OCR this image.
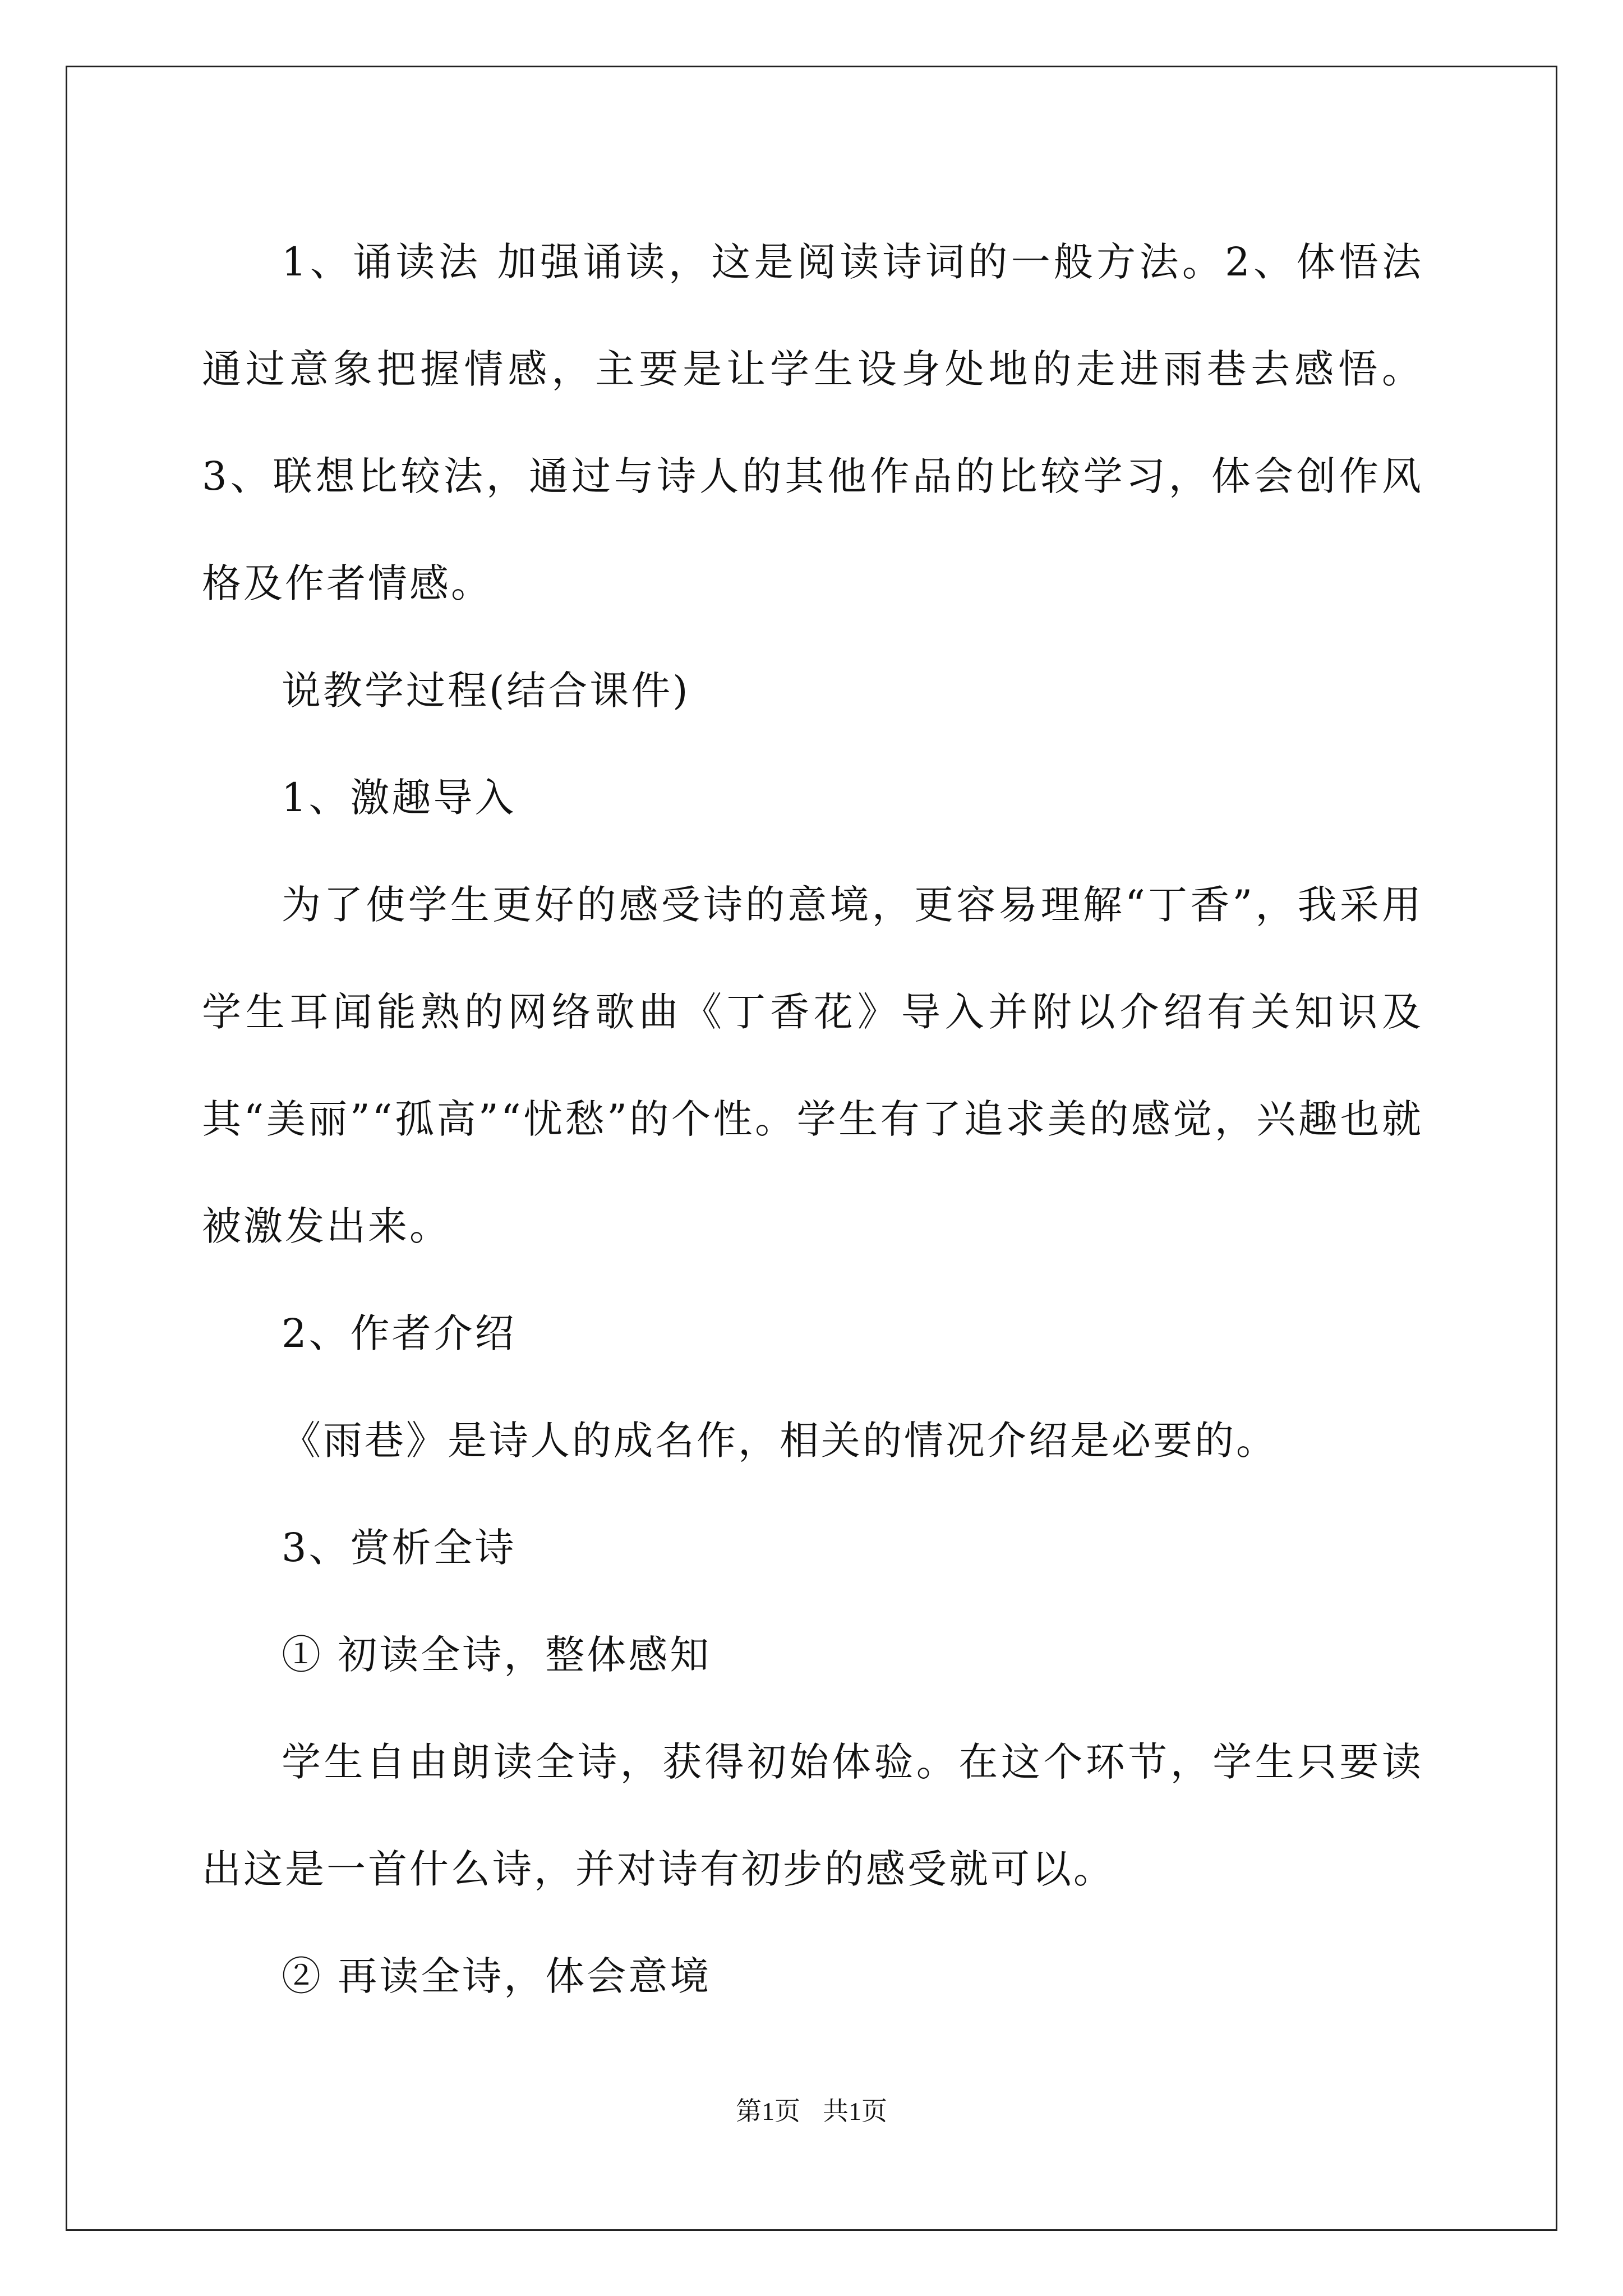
1、诵读法 加强诵读，这是阅读诗词的一般方法。2、体悟法 通过意象把握情感，主要是让学生设身处地的走进雨巷去感悟。3、联想比较法，通过与诗人的其他作品的比较学习，体会创作风格及作者情感。

说教学过程(结合课件)

1、激趣导入

为了使学生更好的感受诗的意境，更容易理解“丁香”，我采用学生耳闻能熟的网络歌曲《丁香花》导入并附以介绍有关知识及其“美丽”“孤高”“忧愁”的个性。学生有了追求美的感觉，兴趣也就被激发出来。

2、作者介绍

《雨巷》是诗人的成名作，相关的情况介绍是必要的。

3、赏析全诗

① 初读全诗，整体感知

学生自由朗读全诗，获得初始体验。在这个环节，学生只要读出这是一首什么诗，并对诗有初步的感受就可以。

② 再读全诗，体会意境

第1页 共1页
